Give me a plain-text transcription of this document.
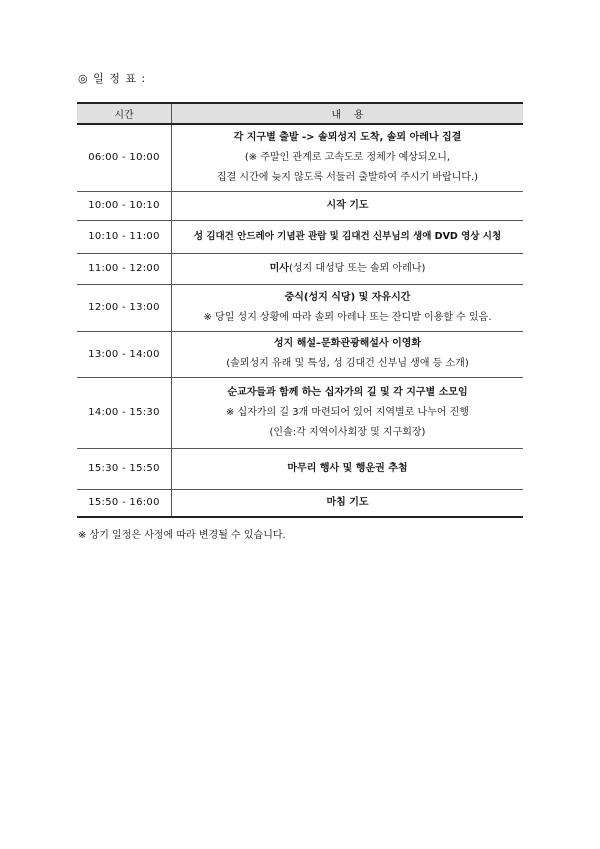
◎ 일 정 표 :
시간	내    용
06:00 - 10:00	각 지구별 출발 -> 솔뫼성지 도착, 솔뫼 아레나 집결
(※ 주말인 관계로 고속도로 정체가 예상되오니,
집결 시간에 늦지 않도록 서둘러 출발하여 주시기 바랍니다.)

10:00 - 10:10	시작 기도

10:10 - 11:00	성 김대건 안드레아 기념관 관람 및 김대건 신부님의 생애 DVD 영상 시청

11:00 - 12:00	미사(성지 대성당 또는 솔뫼 아레나)

12:00 - 13:00	중식(성지 식당) 및 자유시간
※ 당일 성지 상황에 따라 솔뫼 아레나 또는 잔디밭 이용할 수 있음.

13:00 - 14:00	성지 해설–문화관광해설사 이영화
(솔뫼성지 유래 및 특성, 성 김대건 신부님 생애 등 소개)

14:00 - 15:30	순교자들과 함께 하는 십자가의 길 및 각 지구별 소모임
※ 십자가의 길 3개 마련되어 있어 지역별로 나누어 진행
(인솔:각 지역이사회장 및 지구회장)

15:30 - 15:50	마무리 행사 및 행운권 추첨

15:50 - 16:00	마침 기도
※ 상기 일정은 사정에 따라 변경될 수 있습니다.
